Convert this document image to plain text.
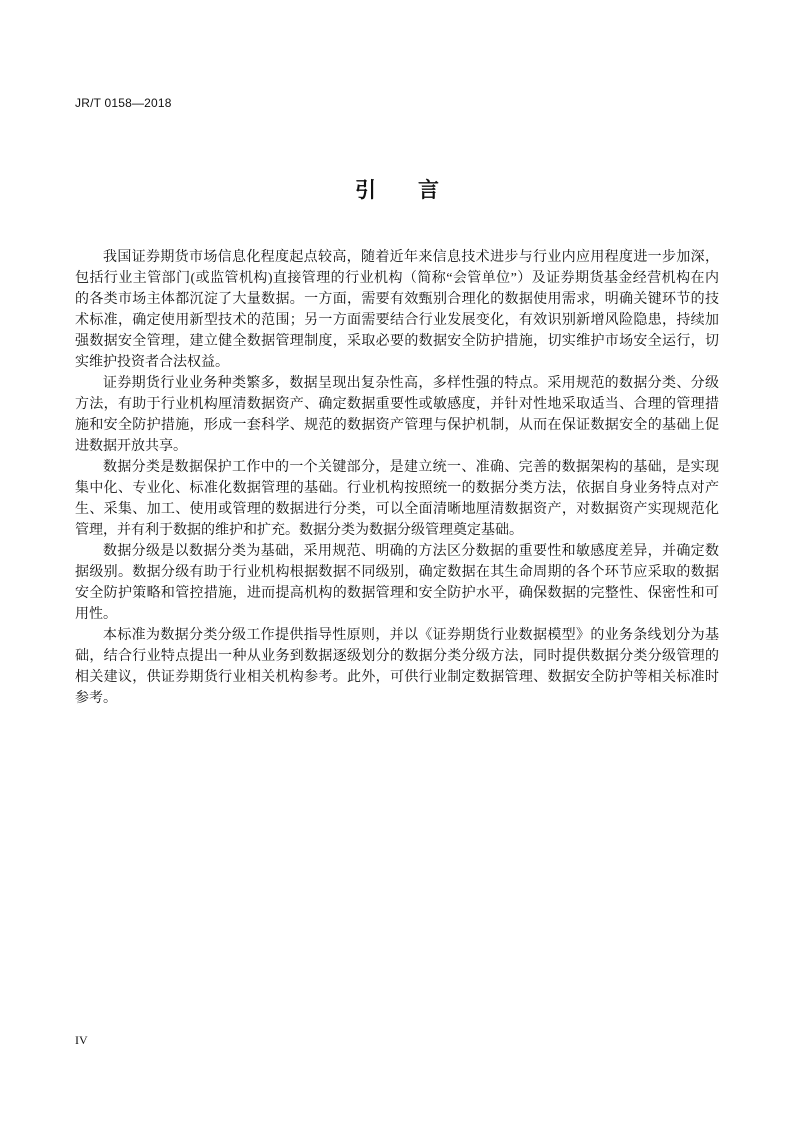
JR/T 0158—2018
引　　言
我国证券期货市场信息化程度起点较高，随着近年来信息技术进步与行业内应用程度进一步加深，
包括行业主管部门(或监管机构)直接管理的行业机构（简称“会管单位”）及证券期货基金经营机构在内
的各类市场主体都沉淀了大量数据。一方面，需要有效甄别合理化的数据使用需求，明确关键环节的技
术标准，确定使用新型技术的范围；另一方面需要结合行业发展变化，有效识别新增风险隐患，持续加
强数据安全管理，建立健全数据管理制度，采取必要的数据安全防护措施，切实维护市场安全运行，切
实维护投资者合法权益。
证券期货行业业务种类繁多，数据呈现出复杂性高，多样性强的特点。采用规范的数据分类、分级
方法，有助于行业机构厘清数据资产、确定数据重要性或敏感度，并针对性地采取适当、合理的管理措
施和安全防护措施，形成一套科学、规范的数据资产管理与保护机制，从而在保证数据安全的基础上促
进数据开放共享。
数据分类是数据保护工作中的一个关键部分，是建立统一、准确、完善的数据架构的基础，是实现
集中化、专业化、标准化数据管理的基础。行业机构按照统一的数据分类方法，依据自身业务特点对产
生、采集、加工、使用或管理的数据进行分类，可以全面清晰地厘清数据资产，对数据资产实现规范化
管理，并有利于数据的维护和扩充。数据分类为数据分级管理奠定基础。
数据分级是以数据分类为基础，采用规范、明确的方法区分数据的重要性和敏感度差异，并确定数
据级别。数据分级有助于行业机构根据数据不同级别，确定数据在其生命周期的各个环节应采取的数据
安全防护策略和管控措施，进而提高机构的数据管理和安全防护水平，确保数据的完整性、保密性和可
用性。
本标准为数据分类分级工作提供指导性原则，并以《证券期货行业数据模型》的业务条线划分为基
础，结合行业特点提出一种从业务到数据逐级划分的数据分类分级方法，同时提供数据分类分级管理的
相关建议，供证券期货行业相关机构参考。此外，可供行业制定数据管理、数据安全防护等相关标准时
参考。
IV
